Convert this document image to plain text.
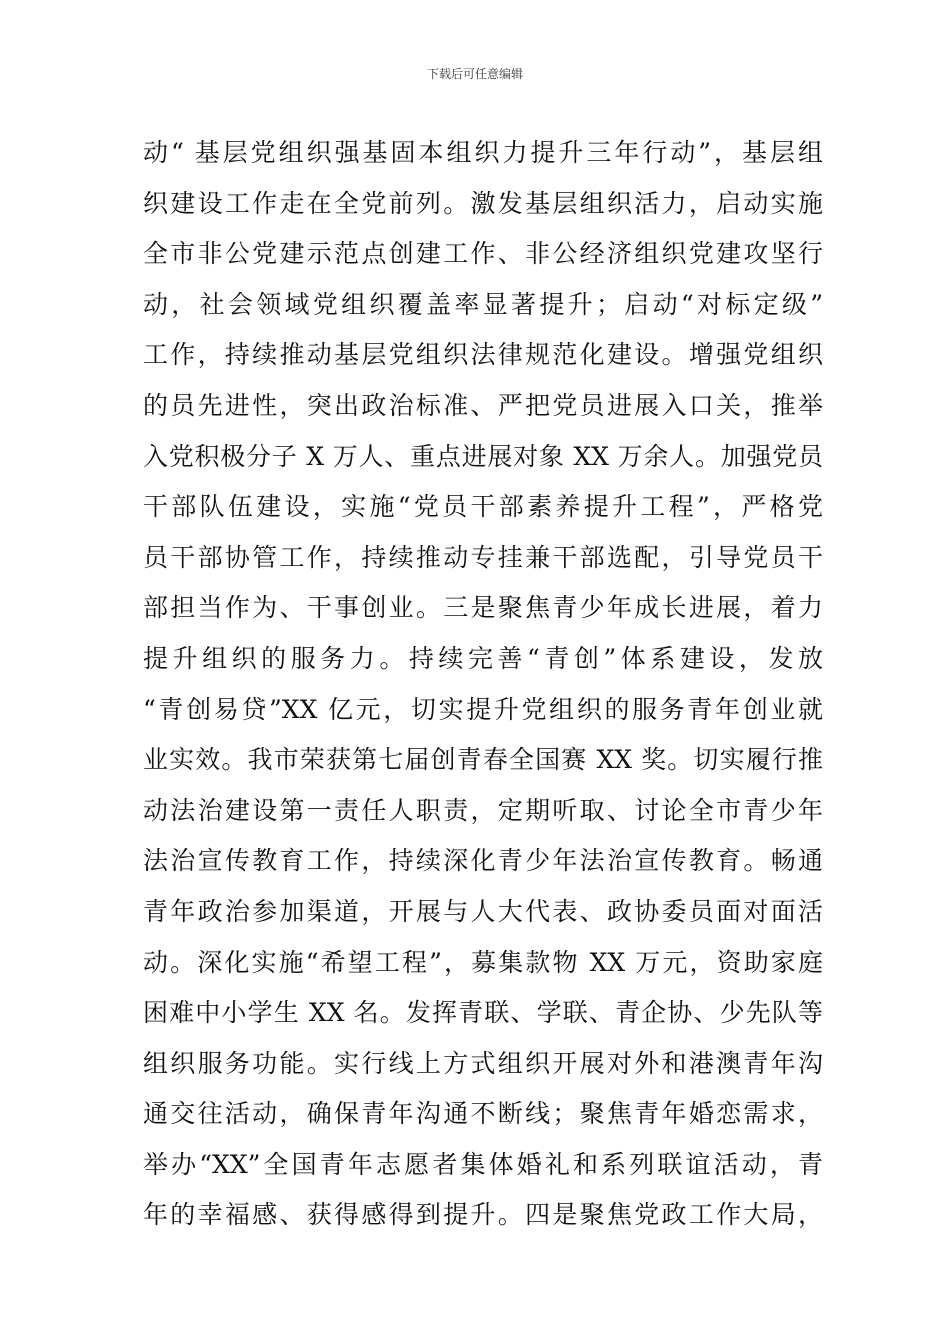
下载后可任意编辑
动“ 基层党组织强基固本组织力提升三年行动”，基层组
织建设工作走在全党前列。激发基层组织活力，启动实施
全市非公党建示范点创建工作、非公经济组织党建攻坚行
动，社会领域党组织覆盖率显著提升；启动“对标定级”
工作，持续推动基层党组织法律规范化建设。增强党组织
的员先进性，突出政治标准、严把党员进展入口关，推举
入党积极分子 X 万人、重点进展对象 XX 万余人。加强党员
干部队伍建设，实施“党员干部素养提升工程”，严格党
员干部协管工作，持续推动专挂兼干部选配，引导党员干
部担当作为、干事创业。三是聚焦青少年成长进展，着力
提升组织的服务力。持续完善“青创”体系建设，发放
“青创易贷”XX 亿元，切实提升党组织的服务青年创业就
业实效。我市荣获第七届创青春全国赛 XX 奖。切实履行推
动法治建设第一责任人职责，定期听取、讨论全市青少年
法治宣传教育工作，持续深化青少年法治宣传教育。畅通
青年政治参加渠道，开展与人大代表、政协委员面对面活
动。深化实施“希望工程”，募集款物 XX 万元，资助家庭
困难中小学生 XX 名。发挥青联、学联、青企协、少先队等
组织服务功能。实行线上方式组织开展对外和港澳青年沟
通交往活动，确保青年沟通不断线；聚焦青年婚恋需求，
举办“XX”全国青年志愿者集体婚礼和系列联谊活动，青
年的幸福感、获得感得到提升。四是聚焦党政工作大局，
